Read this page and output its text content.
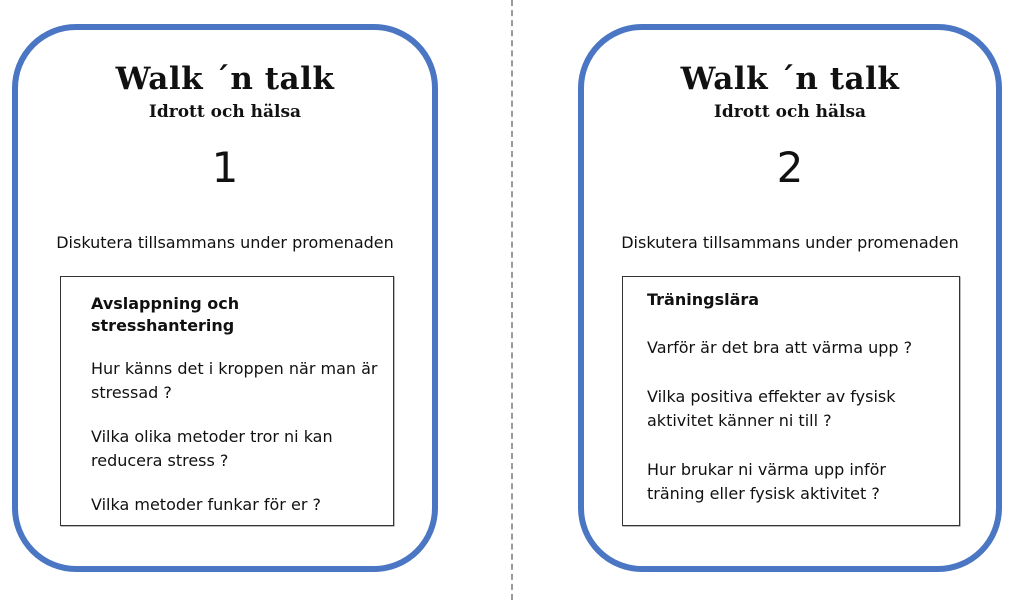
Walk ´n talk
Idrott och hälsa
1
Diskutera tillsammans under promenaden
Avslappning och stresshantering
Hur känns det i kroppen när man är stressad ?
Vilka olika metoder tror ni kan reducera stress ?
Vilka metoder funkar för er ?
Walk ´n talk
Idrott och hälsa
2
Diskutera tillsammans under promenaden
Träningslära
Varför är det bra att värma upp ?
Vilka positiva effekter av fysisk aktivitet känner ni till ?
Hur brukar ni värma upp inför träning eller fysisk aktivitet ?
